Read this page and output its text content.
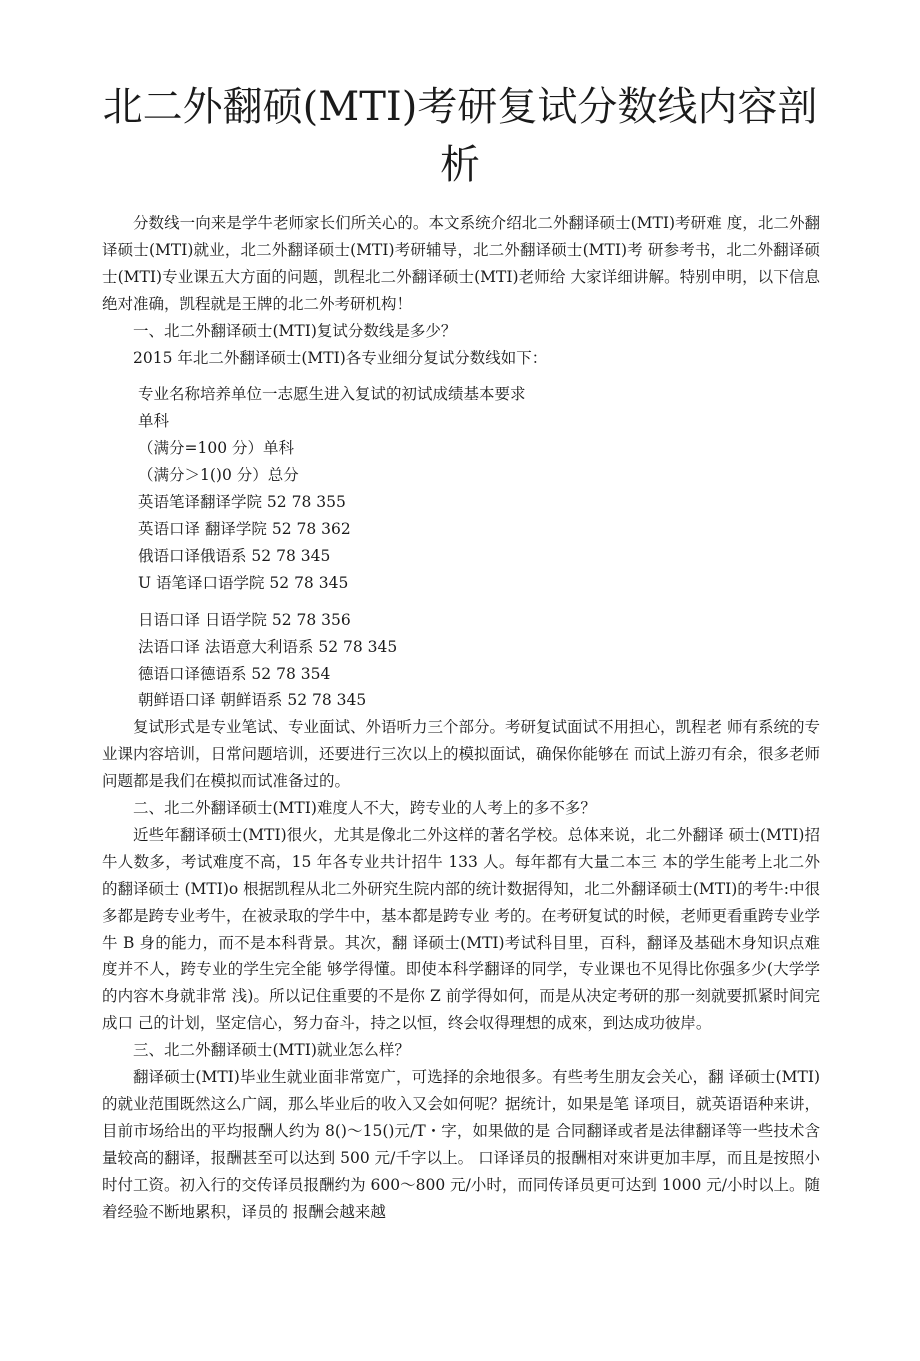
北二外翻硕(MTI)考研复试分数线内容剖析

分数线一向来是学牛老师家长们所关心的。本文系统介绍北二外翻译硕士(MTI)考研难 度，北二外翻译硕士(MTI)就业，北二外翻译硕士(MTI)考研辅导，北二外翻译硕士(MTI)考 研参考书，北二外翻译硕士(MTI)专业课五大方面的问题，凯程北二外翻译硕士(MTI)老师给 大家详细讲解。特别申明，以下信息绝对准确，凯程就是王牌的北二外考研机构！

一、北二外翻译硕士(MTI)复试分数线是多少？

2015 年北二外翻译硕士(MTI)各专业细分复试分数线如下：

专业名称培养单位一志愿生进入复试的初试成绩基本要求
单科
（满分=100 分）单科
（满分＞1()0 分）总分
英语笔译翻译学院 52 78 355
英语口译 翻译学院 52 78 362
俄语口译俄语系 52 78 345
U 语笔译口语学院 52 78 345
日语口译 日语学院 52 78 356
法语口译 法语意大利语系 52 78 345
德语口译德语系 52 78 354
朝鲜语口译 朝鲜语系 52 78 345

复试形式是专业笔试、专业面试、外语听力三个部分。考研复试面试不用担心，凯程老 师有系统的专业课内容培训，日常问题培训，还要进行三次以上的模拟面试，确保你能够在 而试上游刃有余，很多老师问题都是我们在模拟而试准备过的。

二、北二外翻译硕士(MTI)难度人不大，跨专业的人考上的多不多？

近些年翻译硕士(MTI)很火，尤其是像北二外这样的著名学校。总体来说，北二外翻译 硕士(MTI)招牛人数多，考试难度不高，15 年各专业共计招牛 133 人。每年都有大量二本三 本的学生能考上北二外的翻译硕士 (MTI)o 根据凯程从北二外研究生院内部的统计数据得知，北二外翻译硕士(MTI)的考牛:中很多都是跨专业考牛，在被录取的学牛中，基本都是跨专业 考的。在考研复试的时候，老师更看重跨专业学牛 B 身的能力，而不是本科背景。其次，翻 译硕士(MTI)考试科目里，百科，翻译及基础木身知识点难度并不人，跨专业的学生完全能 够学得懂。即使本科学翻译的同学，专业课也不见得比你强多少(大学学的内容木身就非常 浅)。所以记住重要的不是你 Z 前学得如何，而是从决定考研的那一刻就要抓紧时间完成口 己的计划，坚定信心，努力奋斗，持之以恒，终会収得理想的成來，到达成功彼岸。

三、北二外翻译硕士(MTI)就业怎么样？

翻译硕士(MTI)毕业生就业面非常宽广，可选择的余地很多。有些考生朋友会关心，翻 译硕士(MTI)的就业范围既然这么广阔，那么毕业后的收入又会如何呢？据统计，如果是笔 译项目，就英语语种来讲，目前市场给出的平均报酬人约为 8()～15()元/T・字，如果做的是 合同翻译或者是法律翻译等一些技术含量较高的翻译，报酬甚至可以达到 500 元/千字以上。 口译译员的报酬相对來讲更加丰厚，而且是按照小时付工资。初入行的交传译员报酬约为 600～800 元/小时，而同传译员更可达到 1000 元/小时以上。随着经验不断地累积，译员的 报酬会越来越
